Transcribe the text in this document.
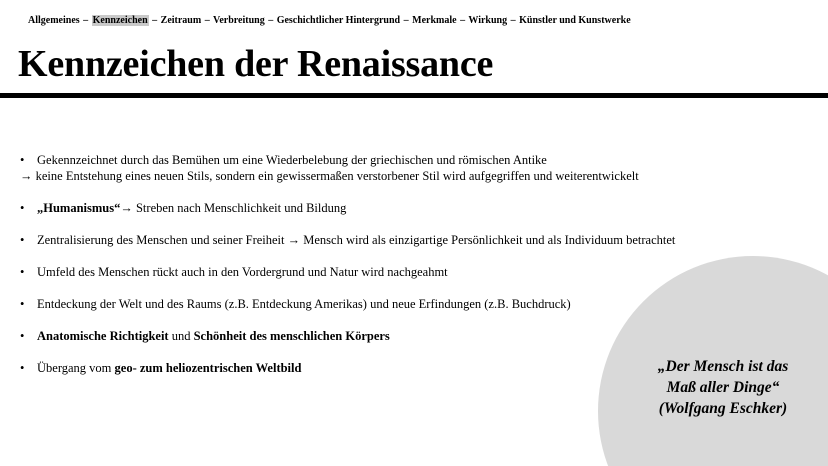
Allgemeines – Kennzeichen – Zeitraum – Verbreitung – Geschichtlicher Hintergrund – Merkmale – Wirkung – Künstler und Kunstwerke
Kennzeichen der Renaissance
• Gekennzeichnet durch das Bemühen um eine Wiederbelebung der griechischen und römischen Antike
→ keine Entstehung eines neuen Stils, sondern ein gewissermaßen verstorbener Stil wird aufgegriffen und weiterentwickelt
• „Humanismus“→ Streben nach Menschlichkeit und Bildung
• Zentralisierung des Menschen und seiner Freiheit → Mensch wird als einzigartige Persönlichkeit und als Individuum betrachtet
• Umfeld des Menschen rückt auch in den Vordergrund und Natur wird nachgeahmt
• Entdeckung der Welt und des Raums (z.B. Entdeckung Amerikas) und neue Erfindungen (z.B. Buchdruck)
• Anatomische Richtigkeit und Schönheit des menschlichen Körpers
• Übergang vom geo- zum heliozentrischen Weltbild	„Der Mensch ist das
Maß aller Dinge“
(Wolfgang Eschker)
